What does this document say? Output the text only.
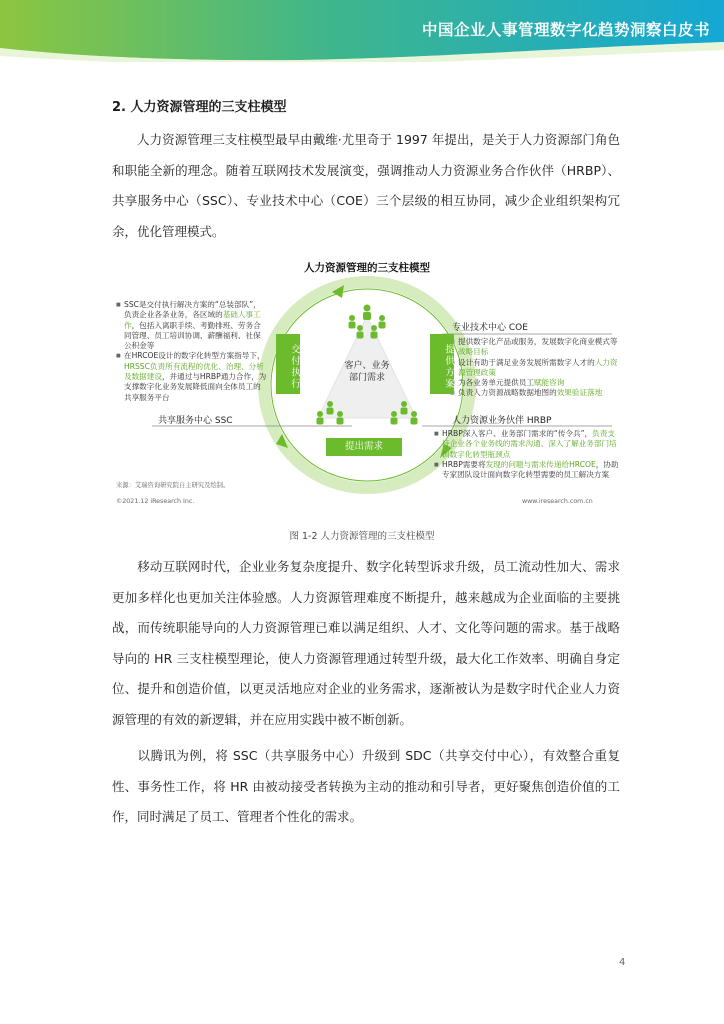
中国企业人事管理数字化趋势洞察白皮书
2. 人力资源管理的三支柱模型
人力资源管理三支柱模型最早由戴维·尤里奇于 1997 年提出，是关于人力资源部门角色和职能全新的理念。随着互联网技术发展演变，强调推动人力资源业务合作伙伴（HRBP）、共享服务中心（SSC）、专业技术中心（COE）三个层级的相互协同，减少企业组织架构冗余，优化管理模式。
人力资源管理的三支柱模型
■ SSC是交付执行解决方案的“总装部队”，负责企业各条业务，各区域的基础人事工作，包括入离职手续、考勤排班、劳务合同管理、员工培训协调、薪酬福利、社保公积金等
■ 在HRCOE设计的数字化转型方案指导下，HRSSC负责所有流程的优化、治理、分析及数据建设，并通过与HRBP通力合作，为支撑数字化业务发展降低面向全体员工的共享服务平台
■ 提供数字化产品或服务，发展数字化商业模式等战略目标
■ 设计有助于满足业务发展所需数字人才的人力资源管理政策
■ 为各业务单元提供员工赋能咨询
■ 负责人力资源战略数据地图的效果验证落地
■ HRBP深入客户、业务部门需求的“传令兵”，负责支持企业各个业务线的需求沟通、深入了解业务部门培训数字化转型瓶颈点
■ HRBP需要将发现的问题与需求传递给HRCOE，协助专家团队设计面向数字化转型需要的员工解决方案
共享服务中心 SSC
专业技术中心 COE
人力资源业务伙伴 HRBP
客户、业务
部门需求
交付执行	提供方案
提出需求
来源：艾瑞咨询研究院自主研究及绘制。
©2021.12 iResearch Inc.	www.iresearch.com.cn
图 1-2 人力资源管理的三支柱模型
移动互联网时代，企业业务复杂度提升、数字化转型诉求升级，员工流动性加大、需求更加多样化也更加关注体验感。人力资源管理难度不断提升，越来越成为企业面临的主要挑战，而传统职能导向的人力资源管理已难以满足组织、人才、文化等问题的需求。基于战略导向的 HR 三支柱模型理论，使人力资源管理通过转型升级，最大化工作效率、明确自身定位、提升和创造价值，以更灵活地应对企业的业务需求，逐渐被认为是数字时代企业人力资源管理的有效的新逻辑，并在应用实践中被不断创新。
以腾讯为例，将 SSC（共享服务中心）升级到 SDC（共享交付中心），有效整合重复性、事务性工作，将 HR 由被动接受者转换为主动的推动和引导者，更好聚焦创造价值的工作，同时满足了员工、管理者个性化的需求。
4
